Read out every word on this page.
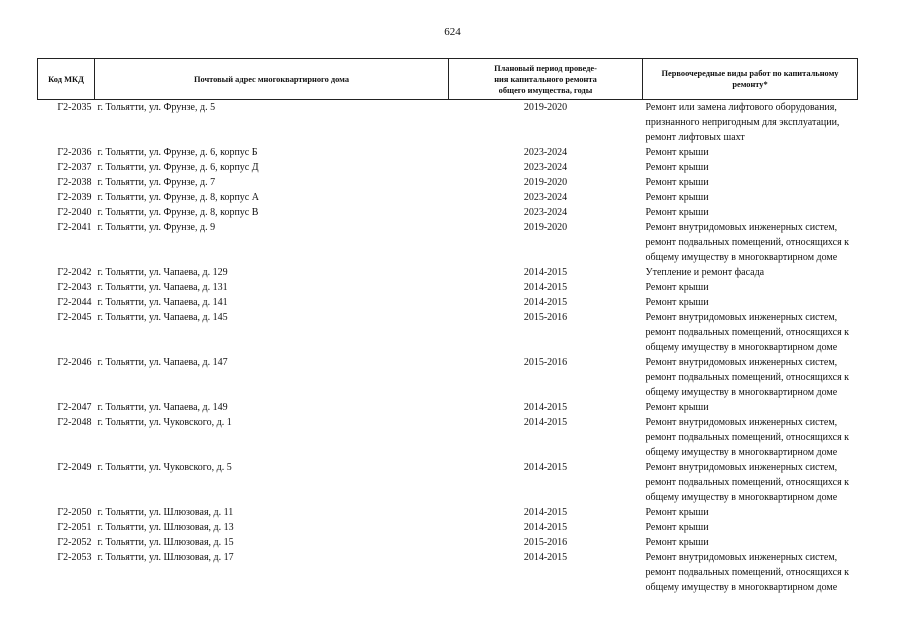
624
Код МКД	Почтовый адрес многоквартирного дома	Плановый период проведе-
ния капитального ремонта
общего имущества, годы	Первоочередные виды работ по капитальному
ремонту*

Г2-2035	г. Тольятти, ул. Фрунзе, д. 5	2019-2020	Ремонт или замена лифтового оборудования,
признанного непригодным для эксплуатации,
ремонт лифтовых шахт

Г2-2036	г. Тольятти, ул. Фрунзе, д. 6, корпус Б	2023-2024	Ремонт крыши

Г2-2037	г. Тольятти, ул. Фрунзе, д. 6, корпус Д	2023-2024	Ремонт крыши

Г2-2038	г. Тольятти, ул. Фрунзе, д. 7	2019-2020	Ремонт крыши

Г2-2039	г. Тольятти, ул. Фрунзе, д. 8, корпус А	2023-2024	Ремонт крыши

Г2-2040	г. Тольятти, ул. Фрунзе, д. 8, корпус В	2023-2024	Ремонт крыши

Г2-2041	г. Тольятти, ул. Фрунзе, д. 9	2019-2020	Ремонт внутридомовых инженерных систем,
ремонт подвальных помещений, относящихся к
общему имуществу в многоквартирном доме

Г2-2042	г. Тольятти, ул. Чапаева, д. 129	2014-2015	Утепление и ремонт фасада

Г2-2043	г. Тольятти, ул. Чапаева, д. 131	2014-2015	Ремонт крыши

Г2-2044	г. Тольятти, ул. Чапаева, д. 141	2014-2015	Ремонт крыши

Г2-2045	г. Тольятти, ул. Чапаева, д. 145	2015-2016	Ремонт внутридомовых инженерных систем,
ремонт подвальных помещений, относящихся к
общему имуществу в многоквартирном доме

Г2-2046	г. Тольятти, ул. Чапаева, д. 147	2015-2016	Ремонт внутридомовых инженерных систем,
ремонт подвальных помещений, относящихся к
общему имуществу в многоквартирном доме

Г2-2047	г. Тольятти, ул. Чапаева, д. 149	2014-2015	Ремонт крыши

Г2-2048	г. Тольятти, ул. Чуковского, д. 1	2014-2015	Ремонт внутридомовых инженерных систем,
ремонт подвальных помещений, относящихся к
общему имуществу в многоквартирном доме

Г2-2049	г. Тольятти, ул. Чуковского, д. 5	2014-2015	Ремонт внутридомовых инженерных систем,
ремонт подвальных помещений, относящихся к
общему имуществу в многоквартирном доме

Г2-2050	г. Тольятти, ул. Шлюзовая, д. 11	2014-2015	Ремонт крыши

Г2-2051	г. Тольятти, ул. Шлюзовая, д. 13	2014-2015	Ремонт крыши

Г2-2052	г. Тольятти, ул. Шлюзовая, д. 15	2015-2016	Ремонт крыши

Г2-2053	г. Тольятти, ул. Шлюзовая, д. 17	2014-2015	Ремонт внутридомовых инженерных систем,
ремонт подвальных помещений, относящихся к
общему имуществу в многоквартирном доме
